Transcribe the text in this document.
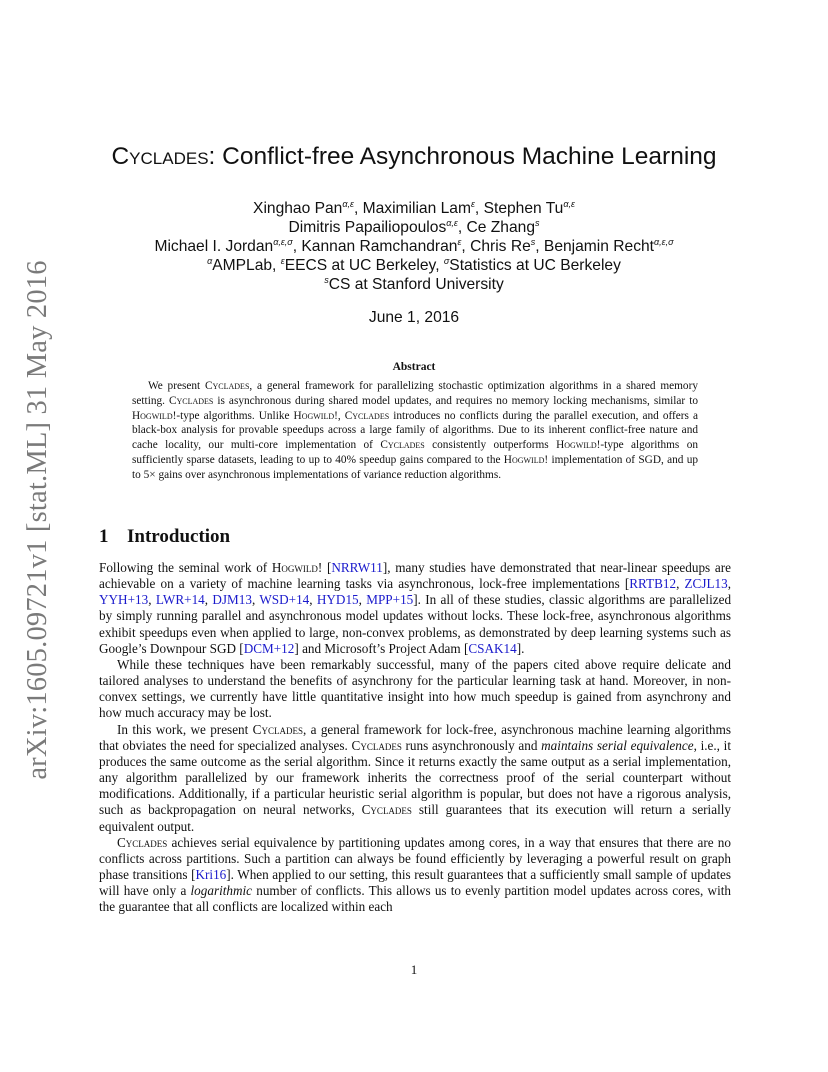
arXiv:1605.09721v1 [stat.ML] 31 May 2016
Cyclades: Conflict-free Asynchronous Machine Learning
Xinghao Pan$^{\alpha,\varepsilon}$, Maximilian Lam$^\varepsilon$, Stephen $Tu^{\alpha,\varepsilon}$
Dimitris Papailiopoulos$^{\alpha,\varepsilon}$, Ce Zhang$^s$
Michael I. Jordan$^{\alpha,\varepsilon,\sigma}$, Kannan Ramchandran$^\varepsilon$, Chris Re$^s$, Benjamin Recht$^{\alpha,\varepsilon,\sigma}$
$^\alpha$AMPLab, $^\varepsilon$EECS at UC Berkeley, $^\sigma$Statistics at UC Berkeley
$^s$CS at Stanford University
June 1, 2016
Abstract

We present Cyclades, a general framework for parallelizing stochastic optimization algorithms in a shared memory setting. Cyclades is asynchronous during shared model updates, and requires no memory locking mechanisms, similar to Hogwild!-type algorithms. Unlike Hogwild!, Cyclades introduces no conflicts during the parallel execution, and offers a black-box analysis for provable speedups across a large family of algorithms. Due to its inherent conflict-free nature and cache locality, our multi-core implementation of Cyclades consistently outperforms Hogwild!-type algorithms on sufficiently sparse datasets, leading to up to 40% speedup gains compared to the Hogwild! implementation of SGD, and up to 5× gains over asynchronous implementations of variance reduction algorithms.

1 Introduction

Following the seminal work of Hogwild! [NRRW11], many studies have demonstrated that near-linear speedups are achievable on a variety of machine learning tasks via asynchronous, lock-free implementations [RRTB12, ZCJL13, YYH+13, LWR+14, DJM13, WSD+14, HYD15, MPP+15]. In all of these studies, classic algorithms are parallelized by simply running parallel and asynchronous model updates without locks. These lock-free, asynchronous algorithms exhibit speedups even when applied to large, non-convex problems, as demonstrated by deep learning systems such as Google’s Downpour SGD [DCM+12] and Microsoft’s Project Adam [CSAK14].

While these techniques have been remarkably successful, many of the papers cited above require delicate and tailored analyses to understand the benefits of asynchrony for the particular learning task at hand. Moreover, in non-convex settings, we currently have little quantitative insight into how much speedup is gained from asynchrony and how much accuracy may be lost.

In this work, we present Cyclades, a general framework for lock-free, asynchronous machine learning algorithms that obviates the need for specialized analyses. Cyclades runs asynchronously and maintains serial equivalence, i.e., it produces the same outcome as the serial algorithm. Since it returns exactly the same output as a serial implementation, any algorithm parallelized by our framework inherits the correctness proof of the serial counterpart without modifications. Additionally, if a particular heuristic serial algorithm is popular, but does not have a rigorous analysis, such as backpropagation on neural networks, Cyclades still guarantees that its execution will return a serially equivalent output.

Cyclades achieves serial equivalence by partitioning updates among cores, in a way that ensures that there are no conflicts across partitions. Such a partition can always be found efficiently by leveraging a powerful result on graph phase transitions [Kri16]. When applied to our setting, this result guarantees that a sufficiently small sample of updates will have only a logarithmic number of conflicts. This allows us to evenly partition model updates across cores, with the guarantee that all conflicts are localized within each

1
